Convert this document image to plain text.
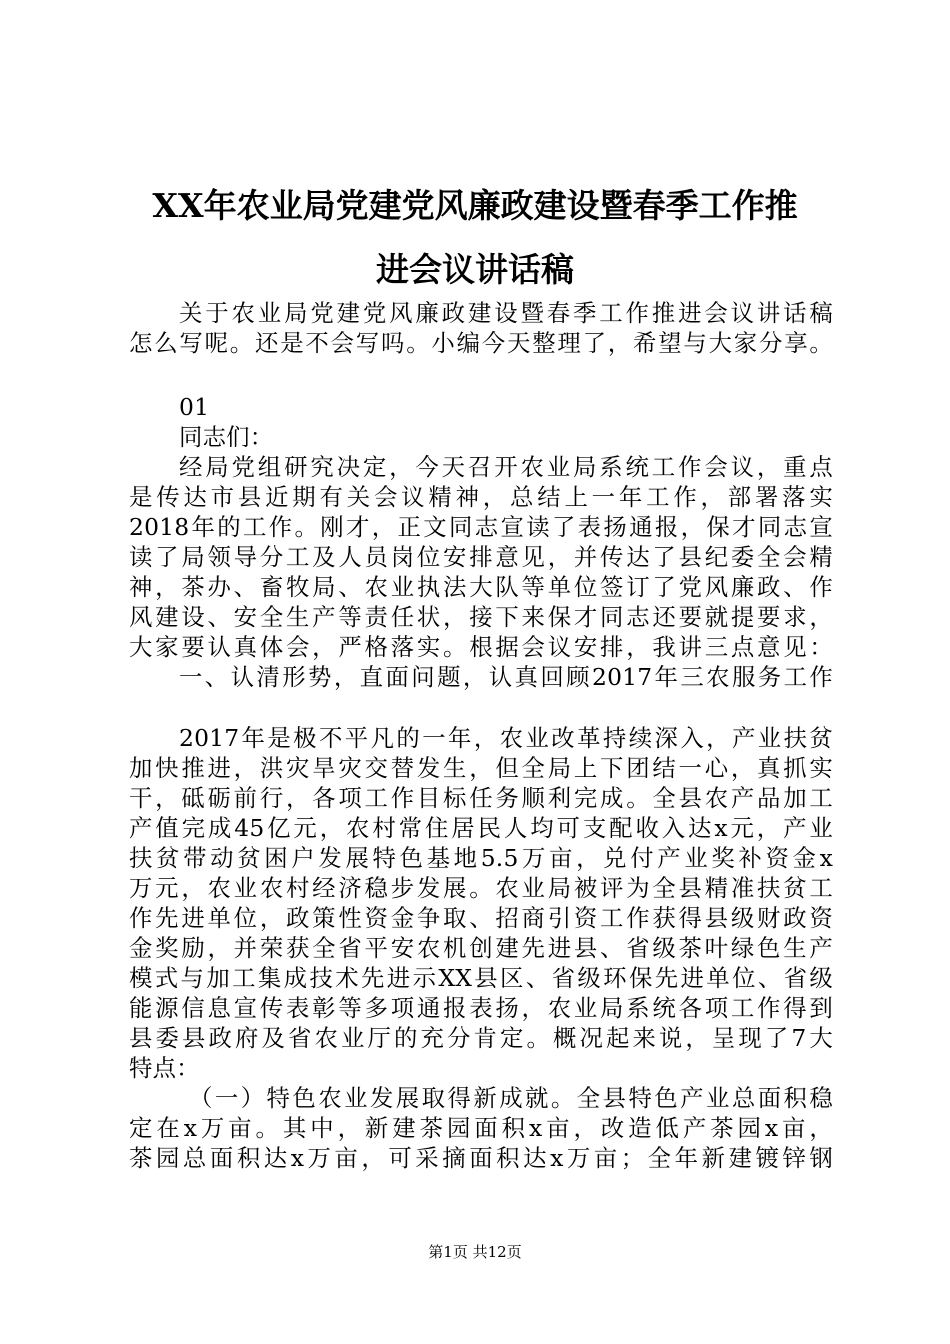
XX年农业局党建党风廉政建设暨春季工作推
进会议讲话稿
关于农业局党建党风廉政建设暨春季工作推进会议讲话稿
怎么写呢。还是不会写吗。小编今天整理了，希望与大家分享。
01
同志们：
经局党组研究决定，今天召开农业局系统工作会议，重点
是传达市县近期有关会议精神，总结上一年工作，部署落实
2018年的工作。刚才，正文同志宣读了表扬通报，保才同志宣
读了局领导分工及人员岗位安排意见，并传达了县纪委全会精
神，茶办、畜牧局、农业执法大队等单位签订了党风廉政、作
风建设、安全生产等责任状，接下来保才同志还要就提要求，
大家要认真体会，严格落实。根据会议安排，我讲三点意见：
一、认清形势，直面问题，认真回顾2017年三农服务工作
2017年是极不平凡的一年，农业改革持续深入，产业扶贫
加快推进，洪灾旱灾交替发生，但全局上下团结一心，真抓实
干，砥砺前行，各项工作目标任务顺利完成。全县农产品加工
产值完成45亿元，农村常住居民人均可支配收入达x元，产业
扶贫带动贫困户发展特色基地5.5万亩，兑付产业奖补资金x
万元，农业农村经济稳步发展。农业局被评为全县精准扶贫工
作先进单位，政策性资金争取、招商引资工作获得县级财政资
金奖励，并荣获全省平安农机创建先进县、省级茶叶绿色生产
模式与加工集成技术先进示XX县区、省级环保先进单位、省级
能源信息宣传表彰等多项通报表扬，农业局系统各项工作得到
县委县政府及省农业厅的充分肯定。概况起来说，呈现了7大
特点：
（一）特色农业发展取得新成就。全县特色产业总面积稳
定在x万亩。其中，新建茶园面积x亩，改造低产茶园x亩，
茶园总面积达x万亩，可采摘面积达x万亩；全年新建镀锌钢
第1页 共12页
